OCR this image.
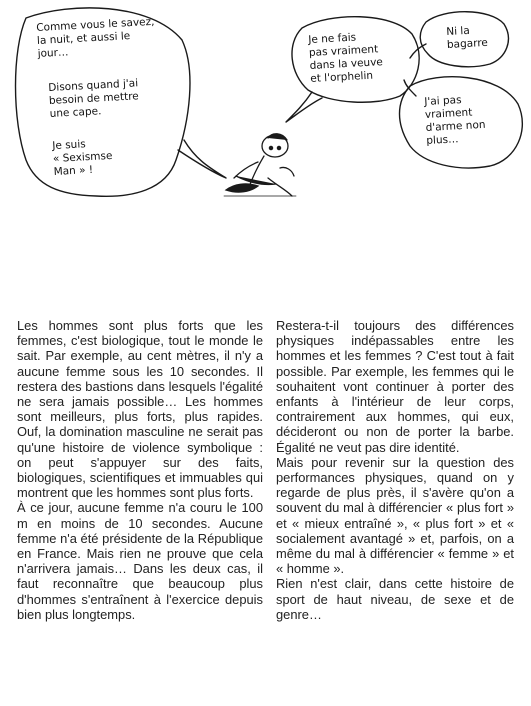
Comme vous le savez,
la nuit, et aussi le
jour…
Disons quand j'ai
besoin de mettre
une cape.
Je suis
« Sexismse
Man » !
Je ne fais
pas vraiment
dans la veuve
et l'orphelin
Ni la
bagarre
J'ai pas
vraiment
d'arme non
plus…

Les hommes sont plus forts que les femmes, c'est biologique, tout le monde le sait. Par exemple, au cent mètres, il n'y a aucune femme sous les 10 secondes. Il restera des bastions dans lesquels l'égalité ne sera jamais possible… Les hommes sont meilleurs, plus forts, plus rapides. Ouf, la domination masculine ne serait pas qu'une histoire de violence symbolique : on peut s'appuyer sur des faits, biologiques, scientifiques et immuables qui montrent que les hommes sont plus forts.

À ce jour, aucune femme n'a couru le 100 m en moins de 10 secondes. Aucune femme n'a été présidente de la République en France. Mais rien ne prouve que cela n'arrivera jamais… Dans les deux cas, il faut reconnaître que beaucoup plus d'hommes s'entraînent à l'exercice depuis bien plus longtemps.

Restera-t-il toujours des différences physiques indépassables entre les hommes et les femmes ? C'est tout à fait possible. Par exemple, les femmes qui le souhaitent vont continuer à porter des enfants à l'intérieur de leur corps, contrairement aux hommes, qui eux, décideront ou non de porter la barbe. Égalité ne veut pas dire identité.

Mais pour revenir sur la question des performances physiques, quand on y regarde de plus près, il s'avère qu'on a souvent du mal à différencier « plus fort » et « mieux entraîné », « plus fort » et « socialement avantagé » et, parfois, on a même du mal à différencier « femme » et « homme ».

Rien n'est clair, dans cette histoire de sport de haut niveau, de sexe et de genre…
